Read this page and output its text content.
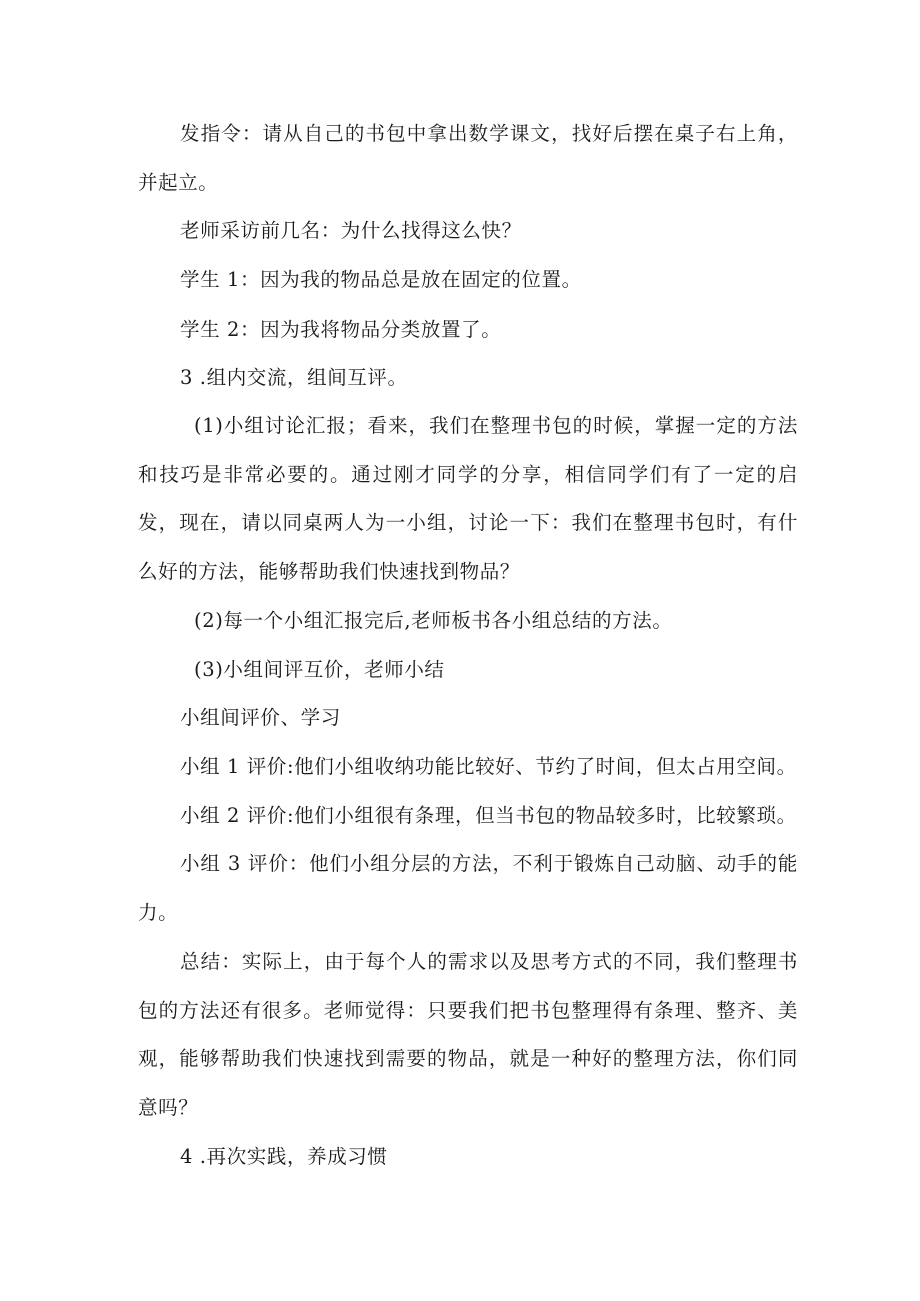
发指令：请从自己的书包中拿出数学课文，找好后摆在桌子右上角，并起立。

老师采访前几名：为什么找得这么快？

学生 1：因为我的物品总是放在固定的位置。

学生 2：因为我将物品分类放置了。

3 .组内交流，组间互评。

(1)小组讨论汇报；看来，我们在整理书包的时候，掌握一定的方法和技巧是非常必要的。通过刚才同学的分享，相信同学们有了一定的启发，现在，请以同桌两人为一小组，讨论一下：我们在整理书包时，有什么好的方法，能够帮助我们快速找到物品？

(2)每一个小组汇报完后,老师板书各小组总结的方法。

(3)小组间评互价，老师小结

小组间评价、学习

小组 1 评价:他们小组收纳功能比较好、节约了时间，但太占用空间。

小组 2 评价:他们小组很有条理，但当书包的物品较多时，比较繁琐。

小组 3 评价：他们小组分层的方法，不利于锻炼自己动脑、动手的能力。

总结：实际上，由于每个人的需求以及思考方式的不同，我们整理书包的方法还有很多。老师觉得：只要我们把书包整理得有条理、整齐、美观，能够帮助我们快速找到需要的物品，就是一种好的整理方法，你们同意吗？

4 .再次实践，养成习惯
